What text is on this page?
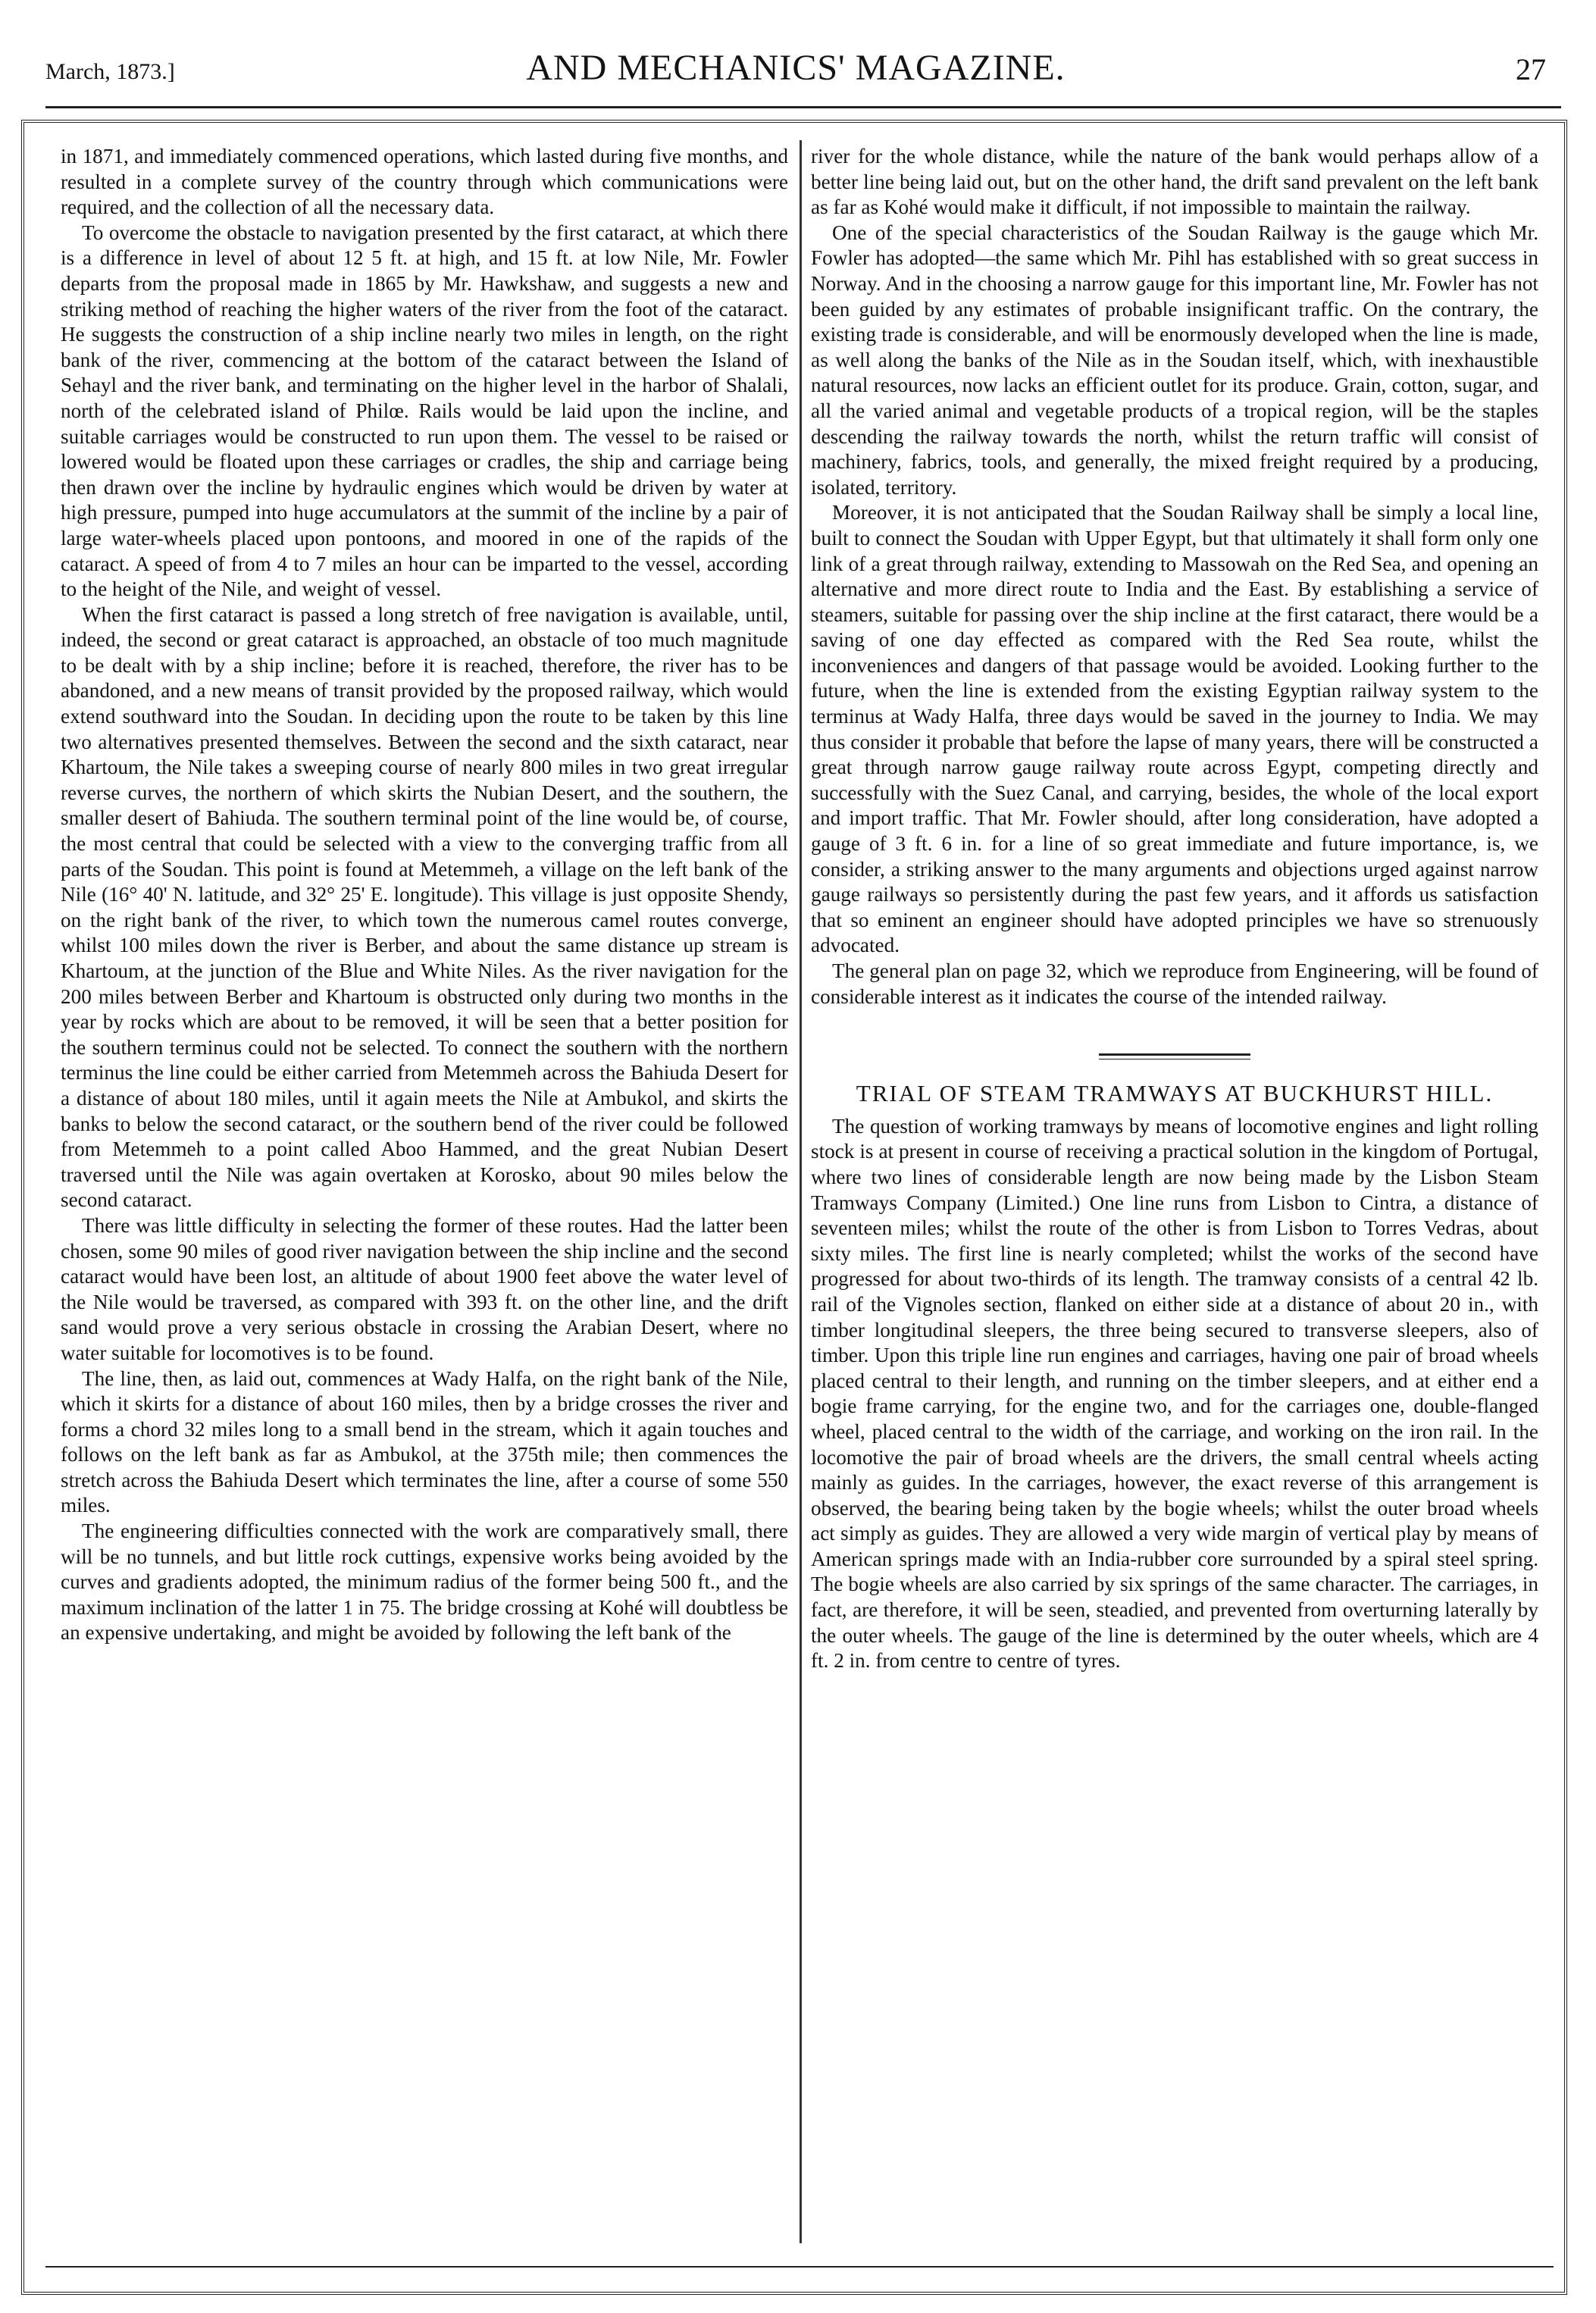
March, 1873.]	AND MECHANICS' MAGAZINE.	27

in 1871, and immediately commenced operations, which lasted during five months, and resulted in a complete survey of the country through which communications were required, and the collection of all the necessary data.

To overcome the obstacle to navigation presented by the first cataract, at which there is a difference in level of about 12 5 ft. at high, and 15 ft. at low Nile, Mr. Fowler departs from the proposal made in 1865 by Mr. Hawkshaw, and suggests a new and striking method of reaching the higher waters of the river from the foot of the cataract. He suggests the construction of a ship incline nearly two miles in length, on the right bank of the river, commencing at the bottom of the cataract between the Island of Sehayl and the river bank, and terminating on the higher level in the harbor of Shalali, north of the celebrated island of Philœ. Rails would be laid upon the incline, and suitable carriages would be constructed to run upon them. The vessel to be raised or lowered would be floated upon these carriages or cradles, the ship and carriage being then drawn over the incline by hydraulic engines which would be driven by water at high pressure, pumped into huge accumulators at the summit of the incline by a pair of large water-wheels placed upon pontoons, and moored in one of the rapids of the cataract. A speed of from 4 to 7 miles an hour can be imparted to the vessel, according to the height of the Nile, and weight of vessel.

When the first cataract is passed a long stretch of free navigation is available, until, indeed, the second or great cataract is approached, an obstacle of too much magnitude to be dealt with by a ship incline; before it is reached, therefore, the river has to be abandoned, and a new means of transit provided by the proposed railway, which would extend southward into the Soudan. In deciding upon the route to be taken by this line two alternatives presented themselves. Between the second and the sixth cataract, near Khartoum, the Nile takes a sweeping course of nearly 800 miles in two great irregular reverse curves, the northern of which skirts the Nubian Desert, and the southern, the smaller desert of Bahiuda. The southern terminal point of the line would be, of course, the most central that could be selected with a view to the converging traffic from all parts of the Soudan. This point is found at Metemmeh, a village on the left bank of the Nile (16° 40' N. latitude, and 32° 25' E. longitude). This village is just opposite Shendy, on the right bank of the river, to which town the numerous camel routes converge, whilst 100 miles down the river is Berber, and about the same distance up stream is Khartoum, at the junction of the Blue and White Niles. As the river navigation for the 200 miles between Berber and Khartoum is obstructed only during two months in the year by rocks which are about to be removed, it will be seen that a better position for the southern terminus could not be selected. To connect the southern with the northern terminus the line could be either carried from Metemmeh across the Bahiuda Desert for a distance of about 180 miles, until it again meets the Nile at Ambukol, and skirts the banks to below the second cataract, or the southern bend of the river could be followed from Metemmeh to a point called Aboo Hammed, and the great Nubian Desert traversed until the Nile was again overtaken at Korosko, about 90 miles below the second cataract.

There was little difficulty in selecting the former of these routes. Had the latter been chosen, some 90 miles of good river navigation between the ship incline and the second cataract would have been lost, an altitude of about 1900 feet above the water level of the Nile would be traversed, as compared with 393 ft. on the other line, and the drift sand would prove a very serious obstacle in crossing the Arabian Desert, where no water suitable for locomotives is to be found.

The line, then, as laid out, commences at Wady Halfa, on the right bank of the Nile, which it skirts for a distance of about 160 miles, then by a bridge crosses the river and forms a chord 32 miles long to a small bend in the stream, which it again touches and follows on the left bank as far as Ambukol, at the 375th mile; then commences the stretch across the Bahiuda Desert which terminates the line, after a course of some 550 miles.

The engineering difficulties connected with the work are comparatively small, there will be no tunnels, and but little rock cuttings, expensive works being avoided by the curves and gradients adopted, the minimum radius of the former being 500 ft., and the maximum inclination of the latter 1 in 75. The bridge crossing at Kohé will doubtless be an expensive undertaking, and might be avoided by following the left bank of the

river for the whole distance, while the nature of the bank would perhaps allow of a better line being laid out, but on the other hand, the drift sand prevalent on the left bank as far as Kohé would make it difficult, if not impossible to maintain the railway.

One of the special characteristics of the Soudan Railway is the gauge which Mr. Fowler has adopted—the same which Mr. Pihl has established with so great success in Norway. And in the choosing a narrow gauge for this important line, Mr. Fowler has not been guided by any estimates of probable insignificant traffic. On the contrary, the existing trade is considerable, and will be enormously developed when the line is made, as well along the banks of the Nile as in the Soudan itself, which, with inexhaustible natural resources, now lacks an efficient outlet for its produce. Grain, cotton, sugar, and all the varied animal and vegetable products of a tropical region, will be the staples descending the railway towards the north, whilst the return traffic will consist of machinery, fabrics, tools, and generally, the mixed freight required by a producing, isolated, territory.

Moreover, it is not anticipated that the Soudan Railway shall be simply a local line, built to connect the Soudan with Upper Egypt, but that ultimately it shall form only one link of a great through railway, extending to Massowah on the Red Sea, and opening an alternative and more direct route to India and the East. By establishing a service of steamers, suitable for passing over the ship incline at the first cataract, there would be a saving of one day effected as compared with the Red Sea route, whilst the inconveniences and dangers of that passage would be avoided. Looking further to the future, when the line is extended from the existing Egyptian railway system to the terminus at Wady Halfa, three days would be saved in the journey to India. We may thus consider it probable that before the lapse of many years, there will be constructed a great through narrow gauge railway route across Egypt, competing directly and successfully with the Suez Canal, and carrying, besides, the whole of the local export and import traffic. That Mr. Fowler should, after long consideration, have adopted a gauge of 3 ft. 6 in. for a line of so great immediate and future importance, is, we consider, a striking answer to the many arguments and objections urged against narrow gauge railways so persistently during the past few years, and it affords us satisfaction that so eminent an engineer should have adopted principles we have so strenuously advocated.

The general plan on page 32, which we reproduce from Engineering, will be found of considerable interest as it indicates the course of the intended railway.

TRIAL OF STEAM TRAMWAYS AT BUCKHURST HILL.

The question of working tramways by means of locomotive engines and light rolling stock is at present in course of receiving a practical solution in the kingdom of Portugal, where two lines of considerable length are now being made by the Lisbon Steam Tramways Company (Limited.) One line runs from Lisbon to Cintra, a distance of seventeen miles; whilst the route of the other is from Lisbon to Torres Vedras, about sixty miles. The first line is nearly completed; whilst the works of the second have progressed for about two-thirds of its length. The tramway consists of a central 42 lb. rail of the Vignoles section, flanked on either side at a distance of about 20 in., with timber longitudinal sleepers, the three being secured to transverse sleepers, also of timber. Upon this triple line run engines and carriages, having one pair of broad wheels placed central to their length, and running on the timber sleepers, and at either end a bogie frame carrying, for the engine two, and for the carriages one, double-flanged wheel, placed central to the width of the carriage, and working on the iron rail. In the locomotive the pair of broad wheels are the drivers, the small central wheels acting mainly as guides. In the carriages, however, the exact reverse of this arrangement is observed, the bearing being taken by the bogie wheels; whilst the outer broad wheels act simply as guides. They are allowed a very wide margin of vertical play by means of American springs made with an India-rubber core surrounded by a spiral steel spring. The bogie wheels are also carried by six springs of the same character. The carriages, in fact, are therefore, it will be seen, steadied, and prevented from overturning laterally by the outer wheels. The gauge of the line is determined by the outer wheels, which are 4 ft. 2 in. from centre to centre of tyres.
